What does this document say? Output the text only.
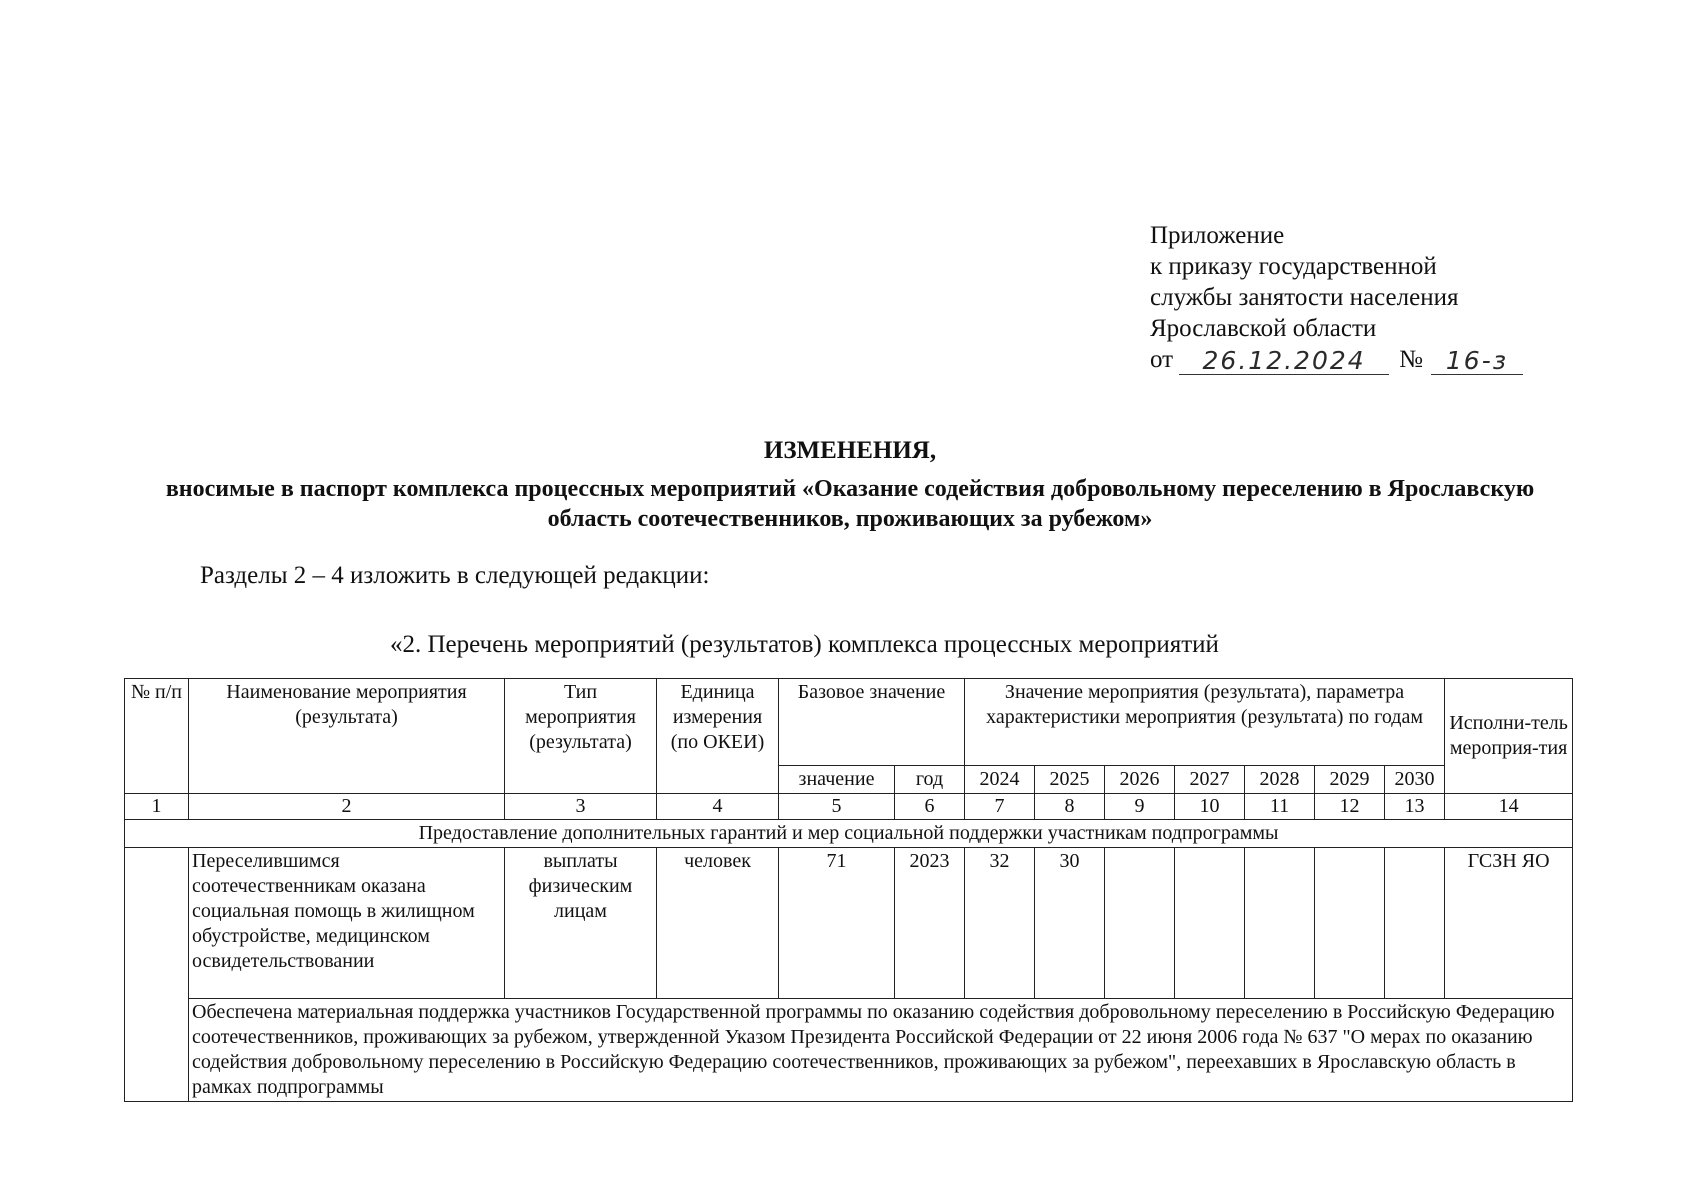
Приложение
к приказу государственной
службы занятости населения
Ярославской области
от	26.12.2024	№ 16-з
ИЗМЕНЕНИЯ,
вносимые в паспорт комплекса процессных мероприятий «Оказание содействия добровольному переселению в Ярославскую область соотечественников, проживающих за рубежом»
Разделы 2 – 4 изложить в следующей редакции:
«2. Перечень мероприятий (результатов) комплекса процессных мероприятий
№ п/п	Наименование мероприятия (результата)	Тип мероприятия (результата)	Единица измерения (по ОКЕИ)	Базовое значение		Значение мероприятия (результата), параметра характеристики мероприятия (результата) по годам							Исполни-тель мероприя-тия
				значение	год	2024	2025	2026	2027	2028	2029	2030	
1	2	3	4	5	6	7	8	9	10	11	12	13	14
Предоставление дополнительных гарантий и мер социальной поддержки участникам подпрограммы													
	Переселившимся соотечественникам оказана социальная помощь в жилищном обустройстве, медицинском освидетельствовании	выплаты физическим лицам	человек	71	2023	32	30						ГСЗН ЯО
	Обеспечена материальная поддержка участников Государственной программы по оказанию содействия добровольному переселению в Российскую Федерацию соотечественников, проживающих за рубежом, утвержденной Указом Президента Российской Федерации от 22 июня 2006 года № 637 "О мерах по оказанию содействия добровольному переселению в Российскую Федерацию соотечественников, проживающих за рубежом", переехавших в Ярославскую область в рамках подпрограммы												
